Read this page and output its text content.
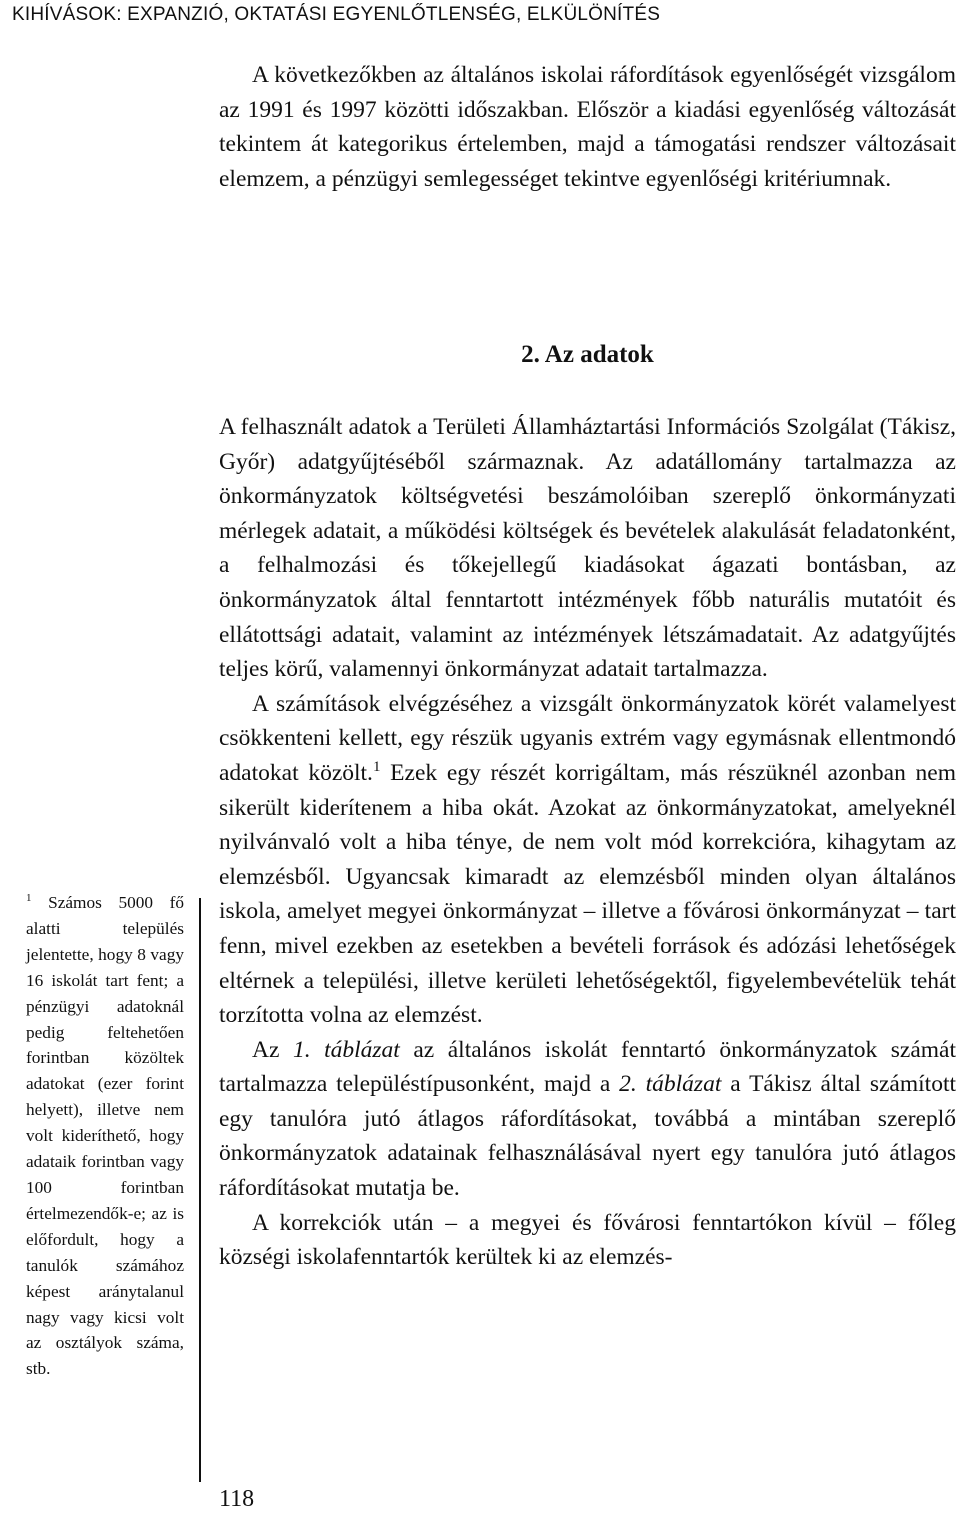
KIHÍVÁSOK: EXPANZIÓ, OKTATÁSI EGYENLŐTLENSÉG, ELKÜLÖNÍTÉS

A következőkben az általános iskolai ráfordítások egyenlőségét vizsgálom az 1991 és 1997 közötti időszakban. Először a kiadási egyenlőség változását tekintem át kategorikus értelemben, majd a támogatási rendszer változásait elemzem, a pénzügyi semlegességet tekintve egyenlőségi kritériumnak.

2. Az adatok

A felhasznált adatok a Területi Államháztartási Információs Szolgálat (Tákisz, Győr) adatgyűjtéséből származnak. Az adatállomány tartalmazza az önkormányzatok költségvetési beszámolóiban szereplő önkormányzati mérlegek adatait, a működési költségek és bevételek alakulását feladatonként, a felhalmozási és tőkejellegű kiadásokat ágazati bontásban, az önkormányzatok által fenntartott intézmények főbb naturális mutatóit és ellátottsági adatait, valamint az intézmények létszámadatait. Az adatgyűjtés teljes körű, valamennyi önkormányzat adatait tartalmazza.

A számítások elvégzéséhez a vizsgált önkormányzatok körét valamelyest csökkenteni kellett, egy részük ugyanis extrém vagy egymásnak ellentmondó adatokat közölt.$^1$ Ezek egy részét korrigáltam, más részüknél azonban nem sikerült kiderítenem a hiba okát. Azokat az önkormányzatokat, amelyeknél nyilvánvaló volt a hiba ténye, de nem volt mód korrekcióra, kihagytam az elemzésből. Ugyancsak kimaradt az elemzésből minden olyan általános iskola, amelyet megyei önkormányzat – illetve a fővárosi önkormányzat – tart fenn, mivel ezekben az esetekben a bevételi források és adózási lehetőségek eltérnek a települési, illetve kerületi lehetőségektől, figyelembevételük tehát torzította volna az elemzést.

Az 1. táblázat az általános iskolát fenntartó önkormányzatok számát tartalmazza településtípusonként, majd a 2. táblázat a Tákisz által számított egy tanulóra jutó átlagos ráfordításokat, továbbá a mintában szereplő önkormányzatok adatainak felhasználásával nyert egy tanulóra jutó átlagos ráfordításokat mutatja be.

A korrekciók után – a megyei és fővárosi fenntartókon kívül – főleg községi iskolafenntartók kerültek ki az elemzés-

$^1$ Számos 5000 fő alatti település jelentette, hogy 8 vagy 16 iskolát tart fent; a pénzügyi adatoknál pedig feltehetően forintban közöltek adatokat (ezer forint helyett), illetve nem volt kideríthető, hogy adataik forintban vagy 100 forintban értelmezendők-e; az is előfordult, hogy a tanulók számához képest aránytalanul nagy vagy kicsi volt az osztályok száma, stb.

118
